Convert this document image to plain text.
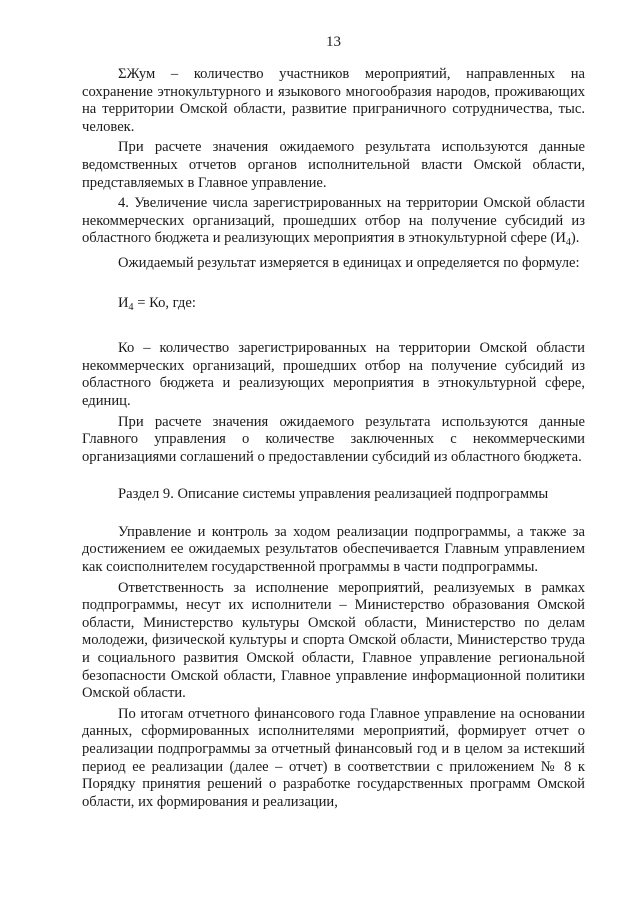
13

ΣЖум – количество участников мероприятий, направленных на сохранение этнокультурного и языкового многообразия народов, проживающих на территории Омской области, развитие приграничного сотрудничества, тыс. человек.

При расчете значения ожидаемого результата используются данные ведомственных отчетов органов исполнительной власти Омской области, представляемых в Главное управление.

4. Увеличение числа зарегистрированных на территории Омской области некоммерческих организаций, прошедших отбор на получение субсидий из областного бюджета и реализующих мероприятия в этнокультурной сфере $(И_4)$.

Ожидаемый результат измеряется в единицах и определяется по формуле:

$И_4$ = Ко, где:

Ко – количество зарегистрированных на территории Омской области некоммерческих организаций, прошедших отбор на получение субсидий из областного бюджета и реализующих мероприятия в этнокультурной сфере, единиц.

При расчете значения ожидаемого результата используются данные Главного управления о количестве заключенных с некоммерческими организациями соглашений о предоставлении субсидий из областного бюджета.

Раздел 9. Описание системы управления реализацией подпрограммы

Управление и контроль за ходом реализации подпрограммы, а также за достижением ее ожидаемых результатов обеспечивается Главным управлением как соисполнителем государственной программы в части подпрограммы.

Ответственность за исполнение мероприятий, реализуемых в рамках подпрограммы, несут их исполнители – Министерство образования Омской области, Министерство культуры Омской области, Министерство по делам молодежи, физической культуры и спорта Омской области, Министерство труда и социального развития Омской области, Главное управление региональной безопасности Омской области, Главное управление информационной политики Омской области.

По итогам отчетного финансового года Главное управление на основании данных, сформированных исполнителями мероприятий, формирует отчет о реализации подпрограммы за отчетный финансовый год и в целом за истекший период ее реализации (далее – отчет) в соответствии с приложением № 8 к Порядку принятия решений о разработке государственных программ Омской области, их формирования и реализации,
